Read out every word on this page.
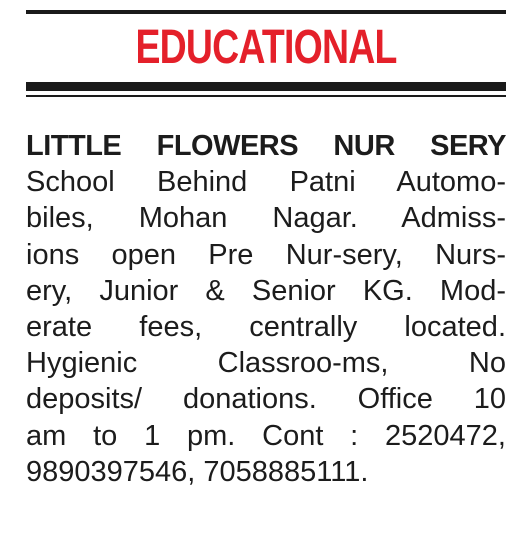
EDUCATIONAL
LITTLE FLOWERS NUR SERY
School Behind Patni Automo-
biles, Mohan Nagar. Admiss-
ions open Pre Nur-sery, Nurs-
ery, Junior & Senior KG. Mod-
erate fees, centrally located.
Hygienic Classroo-ms, No
deposits/ donations. Office 10
am to 1 pm. Cont : 2520472,
9890397546, 7058885111.
